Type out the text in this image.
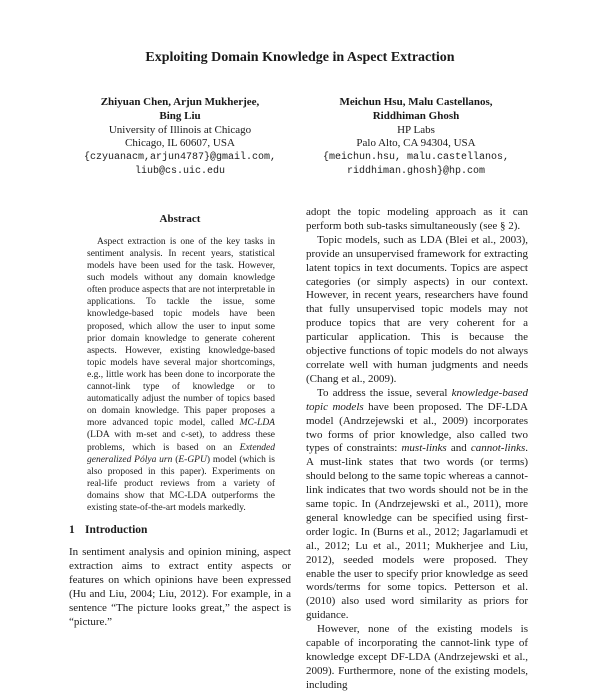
Exploiting Domain Knowledge in Aspect Extraction
Zhiyuan Chen, Arjun Mukherjee,
Bing Liu
University of Illinois at Chicago
Chicago, IL 60607, USA
{czyuanacm,arjun4787}@gmail.com,
liub@cs.uic.edu
Meichun Hsu, Malu Castellanos,
Riddhiman Ghosh
HP Labs
Palo Alto, CA 94304, USA
{meichun.hsu, malu.castellanos,
riddhiman.ghosh}@hp.com
Abstract

Aspect extraction is one of the key tasks in sentiment analysis. In recent years, statistical models have been used for the task. However, such models without any domain knowledge often produce aspects that are not interpretable in applications. To tackle the issue, some knowledge-based topic models have been proposed, which allow the user to input some prior domain knowledge to generate coherent aspects. However, existing knowledge-based topic models have several major shortcomings, e.g., little work has been done to incorporate the cannot-link type of knowledge or to automatically adjust the number of topics based on domain knowledge. This paper proposes a more advanced topic model, called MC-LDA (LDA with m-set and c-set), to address these problems, which is based on an Extended generalized Pólya urn (E-GPU) model (which is also proposed in this paper). Experiments on real-life product reviews from a variety of domains show that MC-LDA outperforms the existing state-of-the-art models markedly.

1 Introduction

In sentiment analysis and opinion mining, aspect extraction aims to extract entity aspects or features on which opinions have been expressed (Hu and Liu, 2004; Liu, 2012). For example, in a sentence “The picture looks great,” the aspect is “picture.”

adopt the topic modeling approach as it can perform both sub-tasks simultaneously (see § 2).

Topic models, such as LDA (Blei et al., 2003), provide an unsupervised framework for extracting latent topics in text documents. Topics are aspect categories (or simply aspects) in our context. However, in recent years, researchers have found that fully unsupervised topic models may not produce topics that are very coherent for a particular application. This is because the objective functions of topic models do not always correlate well with human judgments and needs (Chang et al., 2009).

To address the issue, several knowledge-based topic models have been proposed. The DF-LDA model (Andrzejewski et al., 2009) incorporates two forms of prior knowledge, also called two types of constraints: must-links and cannot-links. A must-link states that two words (or terms) should belong to the same topic whereas a cannot-link indicates that two words should not be in the same topic. In (Andrzejewski et al., 2011), more general knowledge can be specified using first-order logic. In (Burns et al., 2012; Jagarlamudi et al., 2012; Lu et al., 2011; Mukherjee and Liu, 2012), seeded models were proposed. They enable the user to specify prior knowledge as seed words/terms for some topics. Petterson et al. (2010) also used word similarity as priors for guidance.

However, none of the existing models is capable of incorporating the cannot-link type of knowledge except DF-LDA (Andrzejewski et al., 2009). Furthermore, none of the existing models, including
